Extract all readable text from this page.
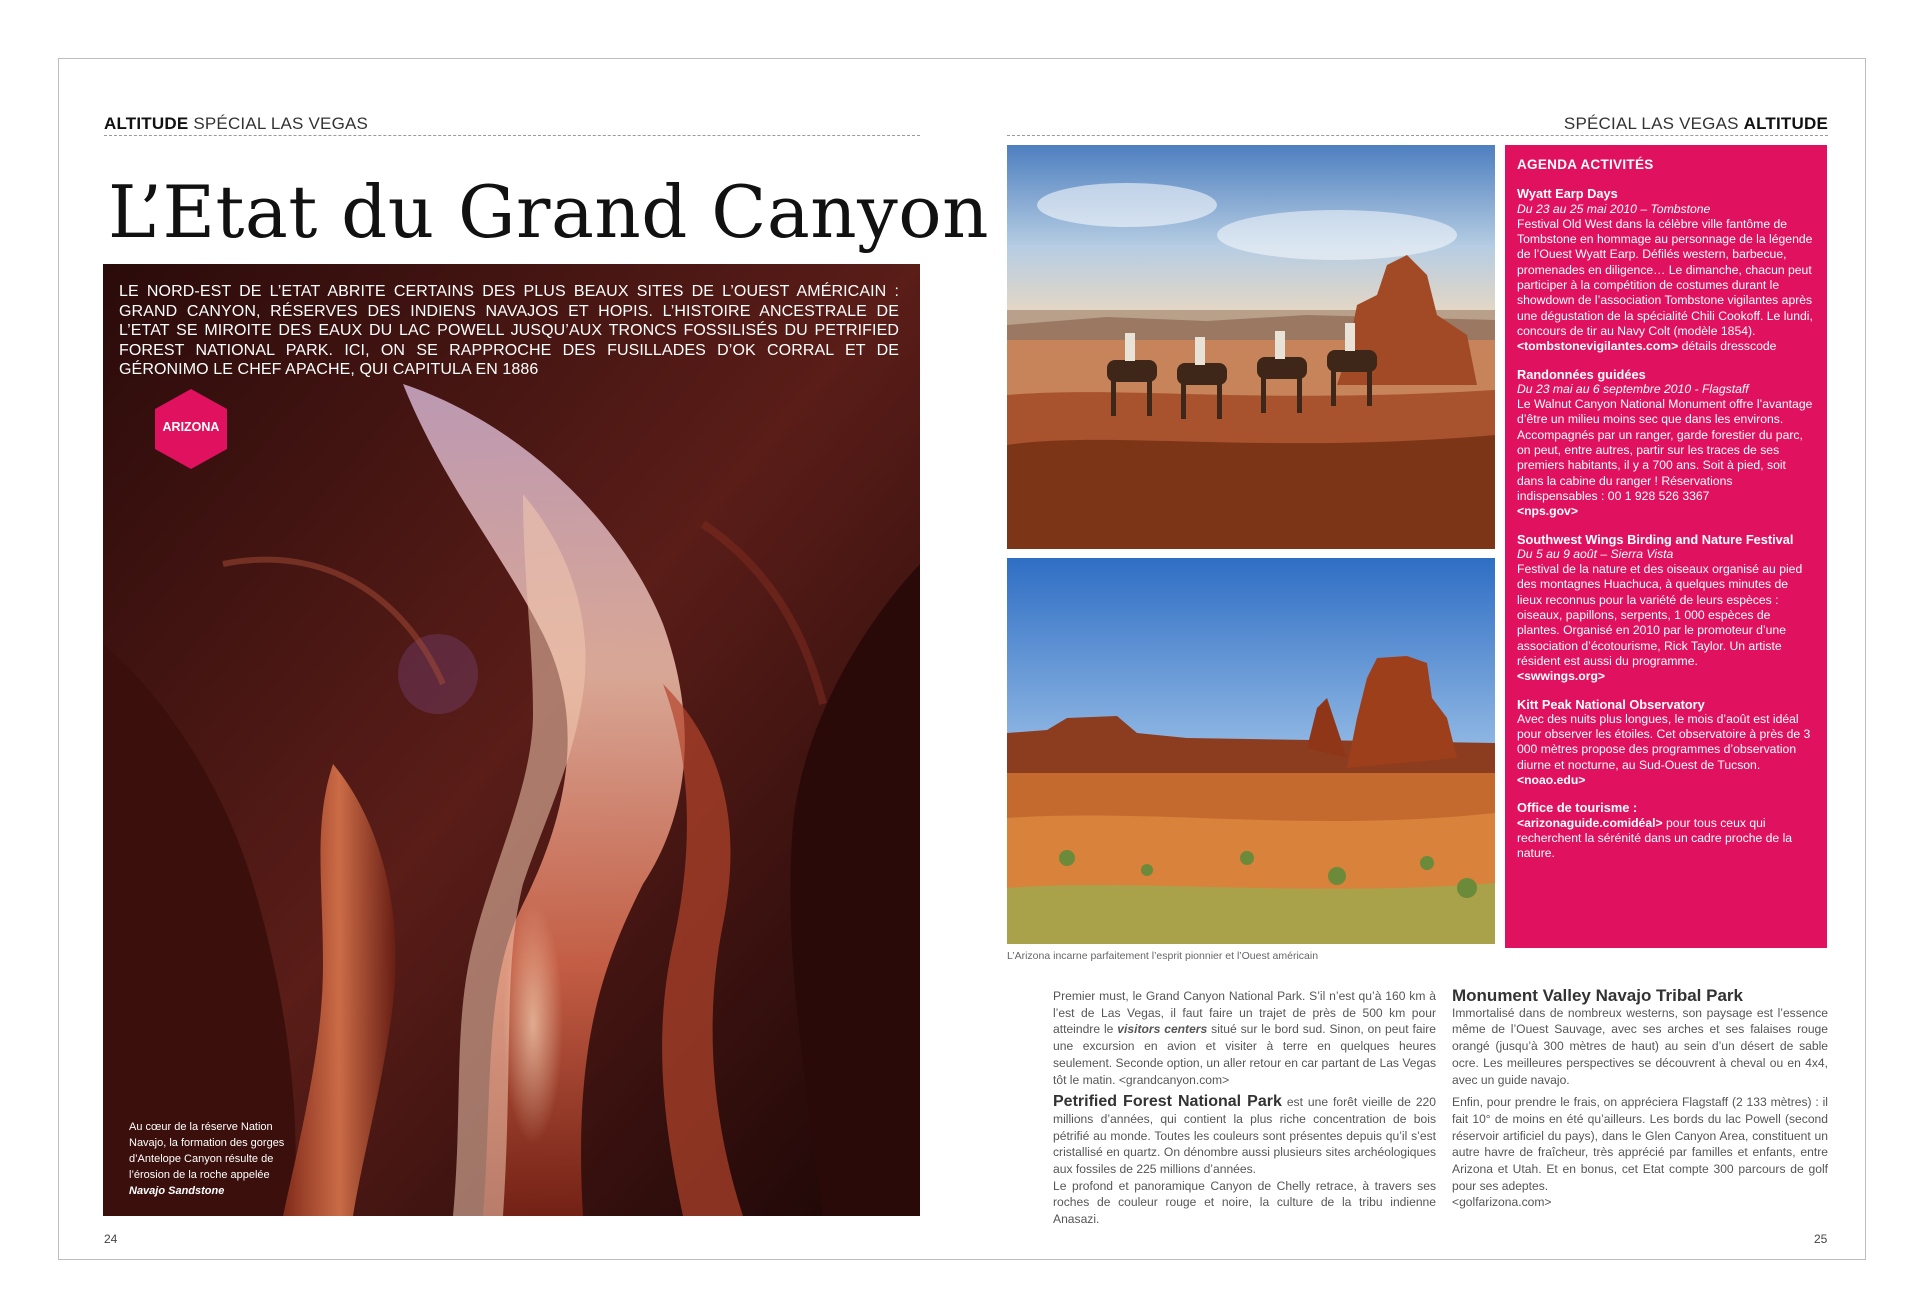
ALTITUDE SPÉCIAL LAS VEGAS
L’Etat du Grand Canyon
LE NORD-EST DE L’ETAT ABRITE CERTAINS DES PLUS BEAUX SITES DE L’OUEST AMÉRICAIN : GRAND CANYON, RÉSERVES DES INDIENS NAVAJOS ET HOPIS. L’HISTOIRE ANCESTRALE DE L’ETAT SE MIROITE DES EAUX DU LAC POWELL JUSQU’AUX TRONCS FOSSILISÉS DU PETRIFIED FOREST NATIONAL PARK. ICI, ON SE RAPPROCHE DES FUSILLADES D’OK CORRAL ET DE GÉRONIMO LE CHEF APACHE, QUI CAPITULA EN 1886
ARIZONA
Au cœur de la réserve Nation Navajo, la formation des gorges d’Antelope Canyon résulte de l’érosion de la roche appelée
Navajo Sandstone
24
SPÉCIAL LAS VEGAS ALTITUDE
L’Arizona incarne parfaitement l’esprit pionnier et l’Ouest américain
AGENDA ACTIVITÉS
Wyatt Earp Days
Du 23 au 25 mai 2010 – Tombstone
Festival Old West dans la célèbre ville fantôme de Tombstone en hommage au personnage de la légende de l’Ouest Wyatt Earp. Défilés western, barbecue, promenades en diligence… Le dimanche, chacun peut participer à la compétition de costumes durant le showdown de l’association Tombstone vigilantes après une dégustation de la spécialité Chili Cookoff. Le lundi, concours de tir au Navy Colt (modèle 1854).
<tombstonevigilantes.com> détails dresscode
Randonnées guidées
Du 23 mai au 6 septembre 2010 - Flagstaff
Le Walnut Canyon National Monument offre l’avantage d’être un milieu moins sec que dans les environs. Accompagnés par un ranger, garde forestier du parc, on peut, entre autres, partir sur les traces de ses premiers habitants, il y a 700 ans. Soit à pied, soit dans la cabine du ranger ! Réservations indispensables : 00 1 928 526 3367
<nps.gov>
Southwest Wings Birding and Nature Festival
Du 5 au 9 août – Sierra Vista
Festival de la nature et des oiseaux organisé au pied des montagnes Huachuca, à quelques minutes de lieux reconnus pour la variété de leurs espèces : oiseaux, papillons, serpents, 1 000 espèces de plantes. Organisé en 2010 par le promoteur d’une association d’écotourisme, Rick Taylor. Un artiste résident est aussi du programme.
<swwings.org>
Kitt Peak National Observatory
Avec des nuits plus longues, le mois d’août est idéal pour observer les étoiles. Cet observatoire à près de 3 000 mètres propose des programmes d’observation diurne et nocturne, au Sud-Ouest de Tucson.
<noao.edu>
Office de tourisme :
<arizonaguide.comidéal> pour tous ceux qui recherchent la sérénité dans un cadre proche de la nature.

Premier must, le Grand Canyon National Park. S’il n’est qu’à 160 km à l’est de Las Vegas, il faut faire un trajet de près de 500 km pour atteindre le visitors centers situé sur le bord sud. Sinon, on peut faire une excursion en avion et visiter à terre en quelques heures seulement. Seconde option, un aller retour en car partant de Las Vegas tôt le matin. <grandcanyon.com>

Petrified Forest National Park est une forêt vieille de 220 millions d’années, qui contient la plus riche concentration de bois pétrifié au monde. Toutes les couleurs sont présentes depuis qu’il s’est cristallisé en quartz. On dénombre aussi plusieurs sites archéologiques aux fossiles de 225 millions d’années.
Le profond et panoramique Canyon de Chelly retrace, à travers ses roches de couleur rouge et noire, la culture de la tribu indienne Anasazi.

Monument Valley Navajo Tribal Park

Immortalisé dans de nombreux westerns, son paysage est l’essence même de l’Ouest Sauvage, avec ses arches et ses falaises rouge orangé (jusqu’à 300 mètres de haut) au sein d’un désert de sable ocre. Les meilleures perspectives se découvrent à cheval ou en 4x4, avec un guide navajo.

Enfin, pour prendre le frais, on appréciera Flagstaff (2 133 mètres) : il fait 10° de moins en été qu’ailleurs. Les bords du lac Powell (second réservoir artificiel du pays), dans le Glen Canyon Area, constituent un autre havre de fraîcheur, très apprécié par familles et enfants, entre Arizona et Utah. Et en bonus, cet Etat compte 300 parcours de golf pour ses adeptes.
<golfarizona.com>

25
